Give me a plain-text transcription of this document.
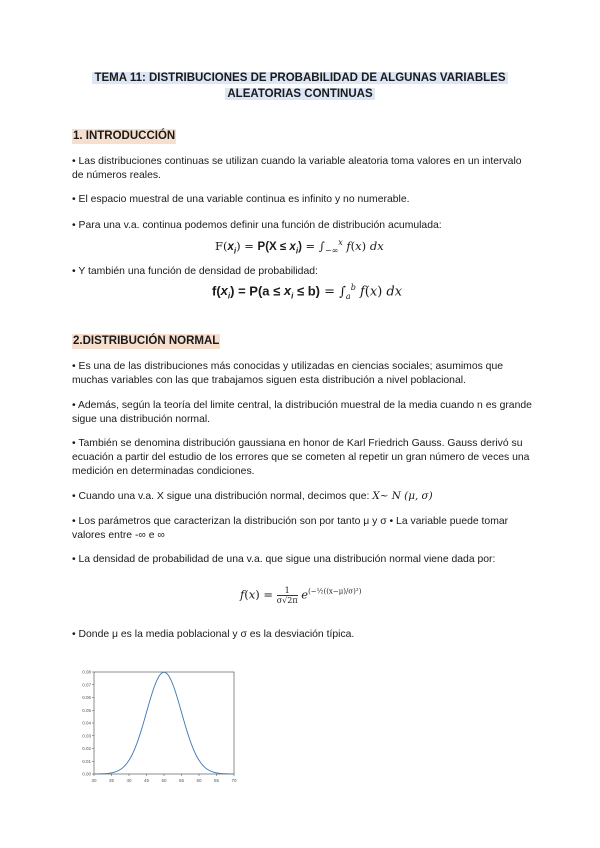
TEMA 11: DISTRIBUCIONES DE PROBABILIDAD DE ALGUNAS VARIABLES
ALEATORIAS CONTINUAS
1. INTRODUCCIÓN
• Las distribuciones continuas se utilizan cuando la variable aleatoria toma valores en un intervalo de números reales.
• El espacio muestral de una variable continua es infinito y no numerable.
• Para una v.a. continua podemos definir una función de distribución acumulada:
$F(x_i) = P(X \le x_i) = \int_{-\infty}^x$ f(x) dx
• Y también una función de densidad de probabilidad:
$f(x_i) = P(a \le x_i \le b) = \int_a^b$ f(x) dx
2.DISTRIBUCIÓN NORMAL
• Es una de las distribuciones más conocidas y utilizadas en ciencias sociales; asumimos que muchas variables con las que trabajamos siguen esta distribución a nivel poblacional.
• Además, según la teoría del limite central, la distribución muestral de la media cuando n es grande sigue una distribución normal.
• También se denomina distribución gaussiana en honor de Karl Friedrich Gauss. Gauss derivó su ecuación a partir del estudio de los errores que se cometen al repetir un gran número de veces una medición en determinadas condiciones.
• Cuando una v.a. X sigue una distribución normal, decimos que: X~ N (μ, σ)
• Los parámetros que caracterizan la distribución son por tanto μ y σ • La variable puede tomar valores entre -∞ e ∞
• La densidad de probabilidad de una v.a. que sigue una distribución normal viene dada por:
$f(x) = \frac{1}{\sigma√2\pi} e^{(-\frac{1}{2}((x-\mu)/\sigma)^2)}$
• Donde μ es la media poblacional y σ es la desviación típica.
30	35	40	45	50	55	60	65	70
0.00
0.01
0.02
0.03
0.04
0.05
0.06
0.07
0.08
